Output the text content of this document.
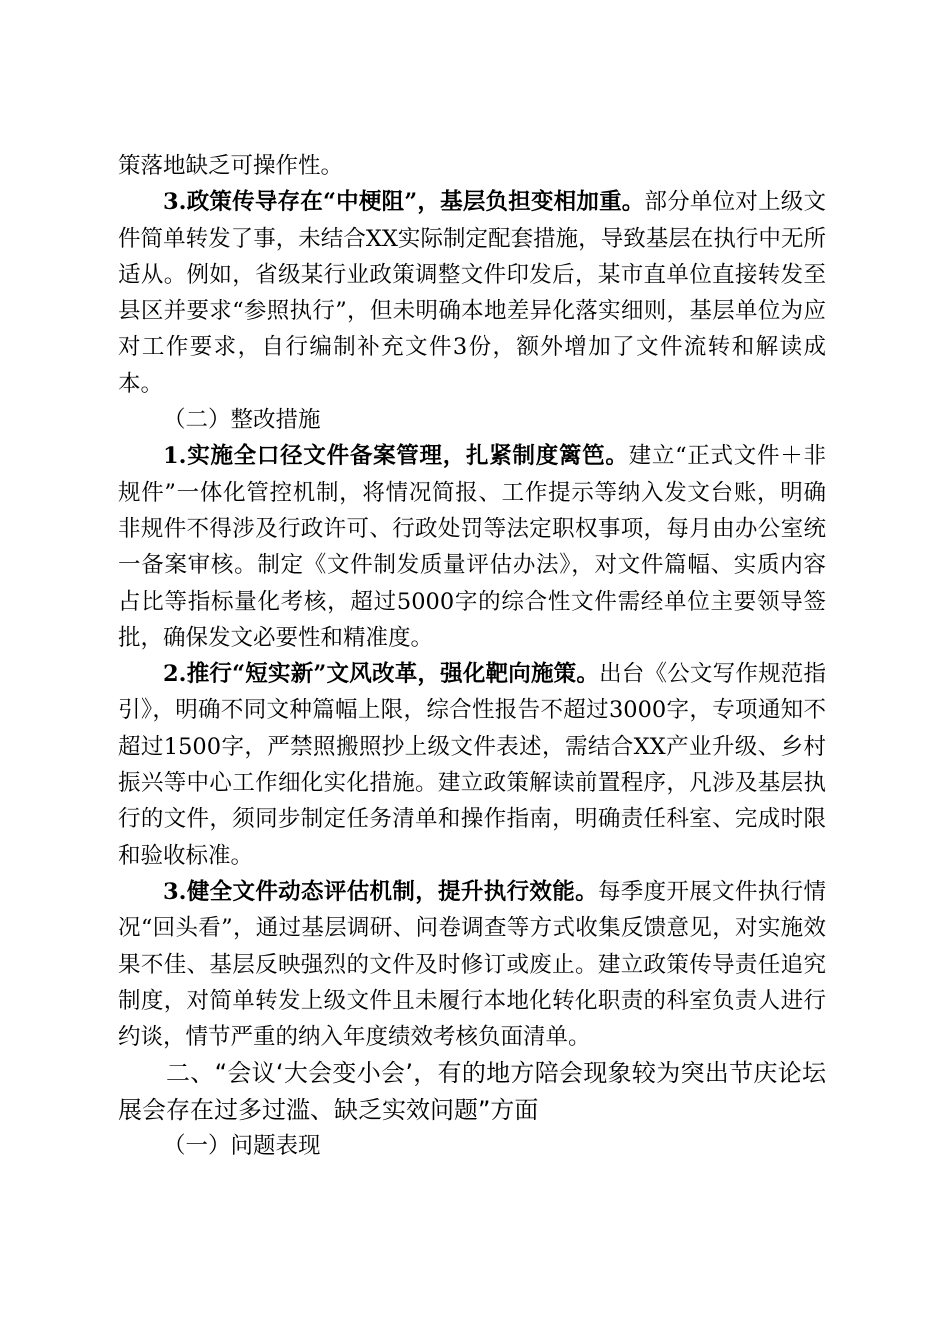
策落地缺乏可操作性。

3.政策传导存在“中梗阻”，基层负担变相加重。部分单位对上级文件简单转发了事，未结合XX实际制定配套措施，导致基层在执行中无所适从。例如，省级某行业政策调整文件印发后，某市直单位直接转发至县区并要求“参照执行”，但未明确本地差异化落实细则，基层单位为应对工作要求，自行编制补充文件3份，额外增加了文件流转和解读成本。

（二）整改措施

1.实施全口径文件备案管理，扎紧制度篱笆。建立“正式文件＋非规件”一体化管控机制，将情况简报、工作提示等纳入发文台账，明确非规件不得涉及行政许可、行政处罚等法定职权事项，每月由办公室统一备案审核。制定《文件制发质量评估办法》，对文件篇幅、实质内容占比等指标量化考核，超过5000字的综合性文件需经单位主要领导签批，确保发文必要性和精准度。

2.推行“短实新”文风改革，强化靶向施策。出台《公文写作规范指引》，明确不同文种篇幅上限，综合性报告不超过3000字，专项通知不超过1500字，严禁照搬照抄上级文件表述，需结合XX产业升级、乡村振兴等中心工作细化实化措施。建立政策解读前置程序，凡涉及基层执行的文件，须同步制定任务清单和操作指南，明确责任科室、完成时限和验收标准。

3.健全文件动态评估机制，提升执行效能。每季度开展文件执行情况“回头看”，通过基层调研、问卷调查等方式收集反馈意见，对实施效果不佳、基层反映强烈的文件及时修订或废止。建立政策传导责任追究制度，对简单转发上级文件且未履行本地化转化职责的科室负责人进行约谈，情节严重的纳入年度绩效考核负面清单。

二、“会议‘大会变小会’，有的地方陪会现象较为突出节庆论坛展会存在过多过滥、缺乏实效问题”方面

（一）问题表现
